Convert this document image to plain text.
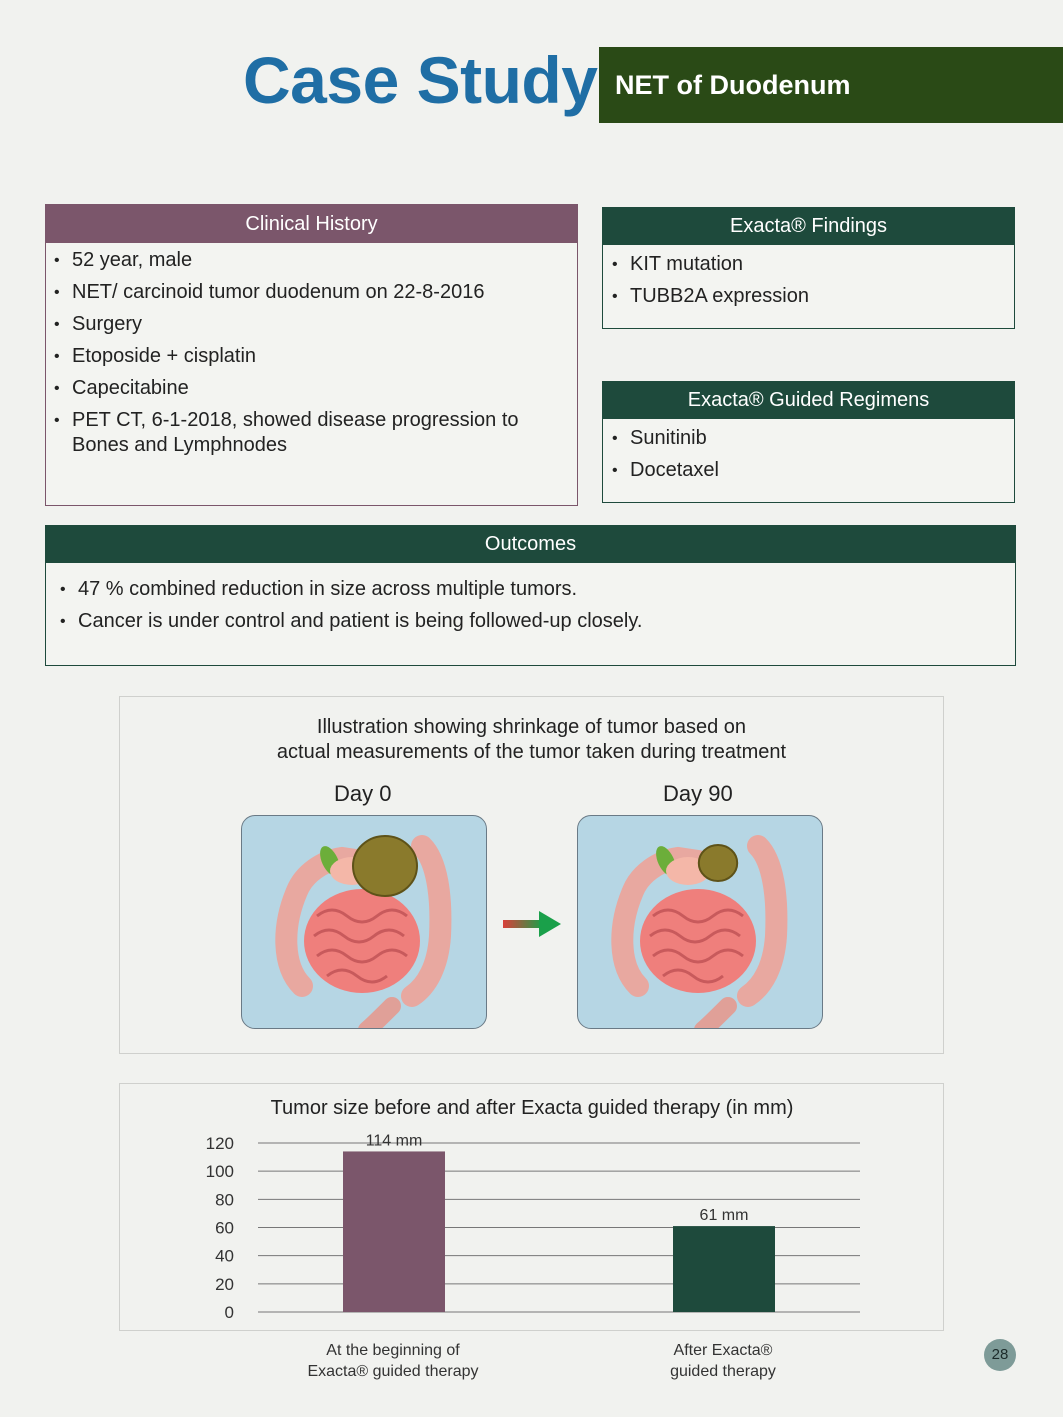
Case Study NET of Duodenum
Clinical History
• 52 year, male
• NET/ carcinoid tumor duodenum on 22-8-2016
• Surgery
• Etoposide + cisplatin
• Capecitabine
• PET CT, 6-1-2018, showed disease progression to Bones and Lymphnodes
Exacta® Findings
• KIT mutation
• TUBB2A expression
Exacta® Guided Regimens
• Sunitinib
• Docetaxel
Outcomes
• 47 % combined reduction in size across multiple tumors.
• Cancer is under control and patient is being followed-up closely.
Illustration showing shrinkage of tumor based on
actual measurements of the tumor taken during treatment
Day 0	Day 90
Tumor size before and after Exacta guided therapy (in mm)
0
20
40
60
80
100
120	114 mm
61 mm
At the beginning of
Exacta® guided therapy
After Exacta®
guided therapy
28
